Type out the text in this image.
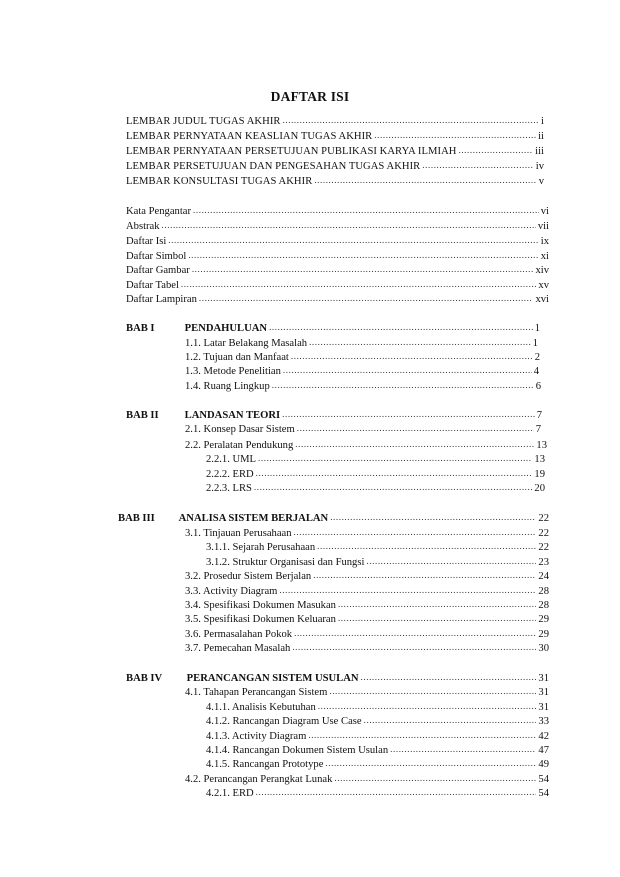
DAFTAR ISI
LEMBAR JUDUL TUGAS AKHIR .....	i
LEMBAR PERNYATAAN KEASLIAN TUGAS AKHIR .....	ii
LEMBAR PERNYATAAN PERSETUJUAN PUBLIKASI KARYA ILMIAH .....	iii
LEMBAR PERSETUJUAN DAN PENGESAHAN TUGAS AKHIR .....	iv
LEMBAR KONSULTASI TUGAS AKHIR .....	v
Kata Pengantar .....	vi
Abstrak .....	vii
Daftar Isi .....	ix
Daftar Simbol .....	xi
Daftar Gambar .....	xiv
Daftar Tabel .....	xv
Daftar Lampiran .....	xvi
BAB I	PENDAHULUAN .....	1
1.1. Latar Belakang Masalah .....	1
1.2. Tujuan dan Manfaat .....	2
1.3. Metode Penelitian .....	4
1.4. Ruang Lingkup .....	6
BAB II LANDASAN TEORI .....	7
2.1. Konsep Dasar Sistem .....	7
2.2. Peralatan Pendukung .....	13
2.2.1. UML .....	13
2.2.2. ERD .....	19
2.2.3. LRS .....	20
BAB III ANALISA SISTEM BERJALAN .....	22
3.1. Tinjauan Perusahaan .....	22
3.1.1. Sejarah Perusahaan .....	22
3.1.2. Struktur Organisasi dan Fungsi .....	23
3.2. Prosedur Sistem Berjalan .....	24
3.3. Activity Diagram .....	28
3.4. Spesifikasi Dokumen Masukan .....	28
3.5. Spesifikasi Dokumen Keluaran .....	29
3.6. Permasalahan Pokok .....	29
3.7. Pemecahan Masalah .....	30
BAB IV PERANCANGAN SISTEM USULAN .....	31
4.1. Tahapan Perancangan Sistem .....	31
4.1.1. Analisis Kebutuhan .....	31
4.1.2. Rancangan Diagram Use Case .....	33
4.1.3. Activity Diagram .....	42
4.1.4. Rancangan Dokumen Sistem Usulan .....	47
4.1.5. Rancangan Prototype .....	49
4.2. Perancangan Perangkat Lunak .....	54
4.2.1. ERD .....	54
